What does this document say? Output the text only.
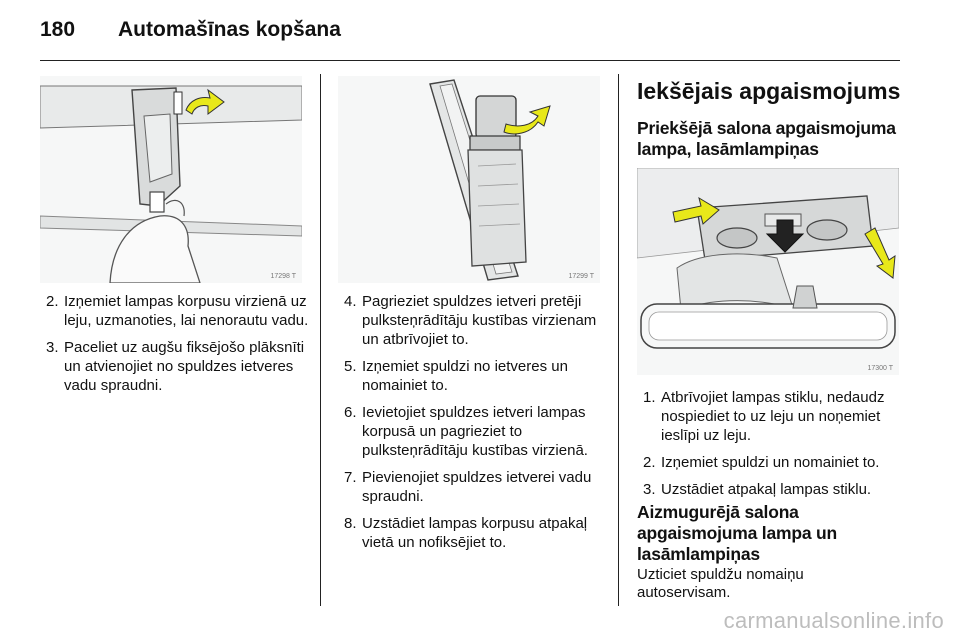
180 Automašīnas kopšana
17298 T	17299 T
17300 T
2. Izņemiet lampas korpusu virzienā uz leju, uzmanoties, lai nenorautu vadu.
3. Paceliet uz augšu fiksējošo plāksnīti un atvienojiet no spuldzes ietveres vadu spraudni.
4. Pagrieziet spuldzes ietveri pretēji pulksteņrādītāju kustības virzienam un atbrīvojiet to.
5. Izņemiet spuldzi no ietveres un nomainiet to.
6. Ievietojiet spuldzes ietveri lampas korpusā un pagrieziet to pulksteņrādītāju kustības virzienā.
7. Pievienojiet spuldzes ietverei vadu spraudni.
8. Uzstādiet lampas korpusu atpakaļ vietā un nofiksējiet to.
Iekšējais apgaismojums
Priekšējā salona apgaismojuma lampa, lasāmlampiņas
1. Atbrīvojiet lampas stiklu, nedaudz nospiediet to uz leju un noņemiet ieslīpi uz leju.
2. Izņemiet spuldzi un nomainiet to.
3. Uzstādiet atpakaļ lampas stiklu.
Aizmugurējā salona apgaismojuma lampa un lasāmlampiņas

Uzticiet spuldžu nomaiņu autoservisam.

carmanualsonline.info
